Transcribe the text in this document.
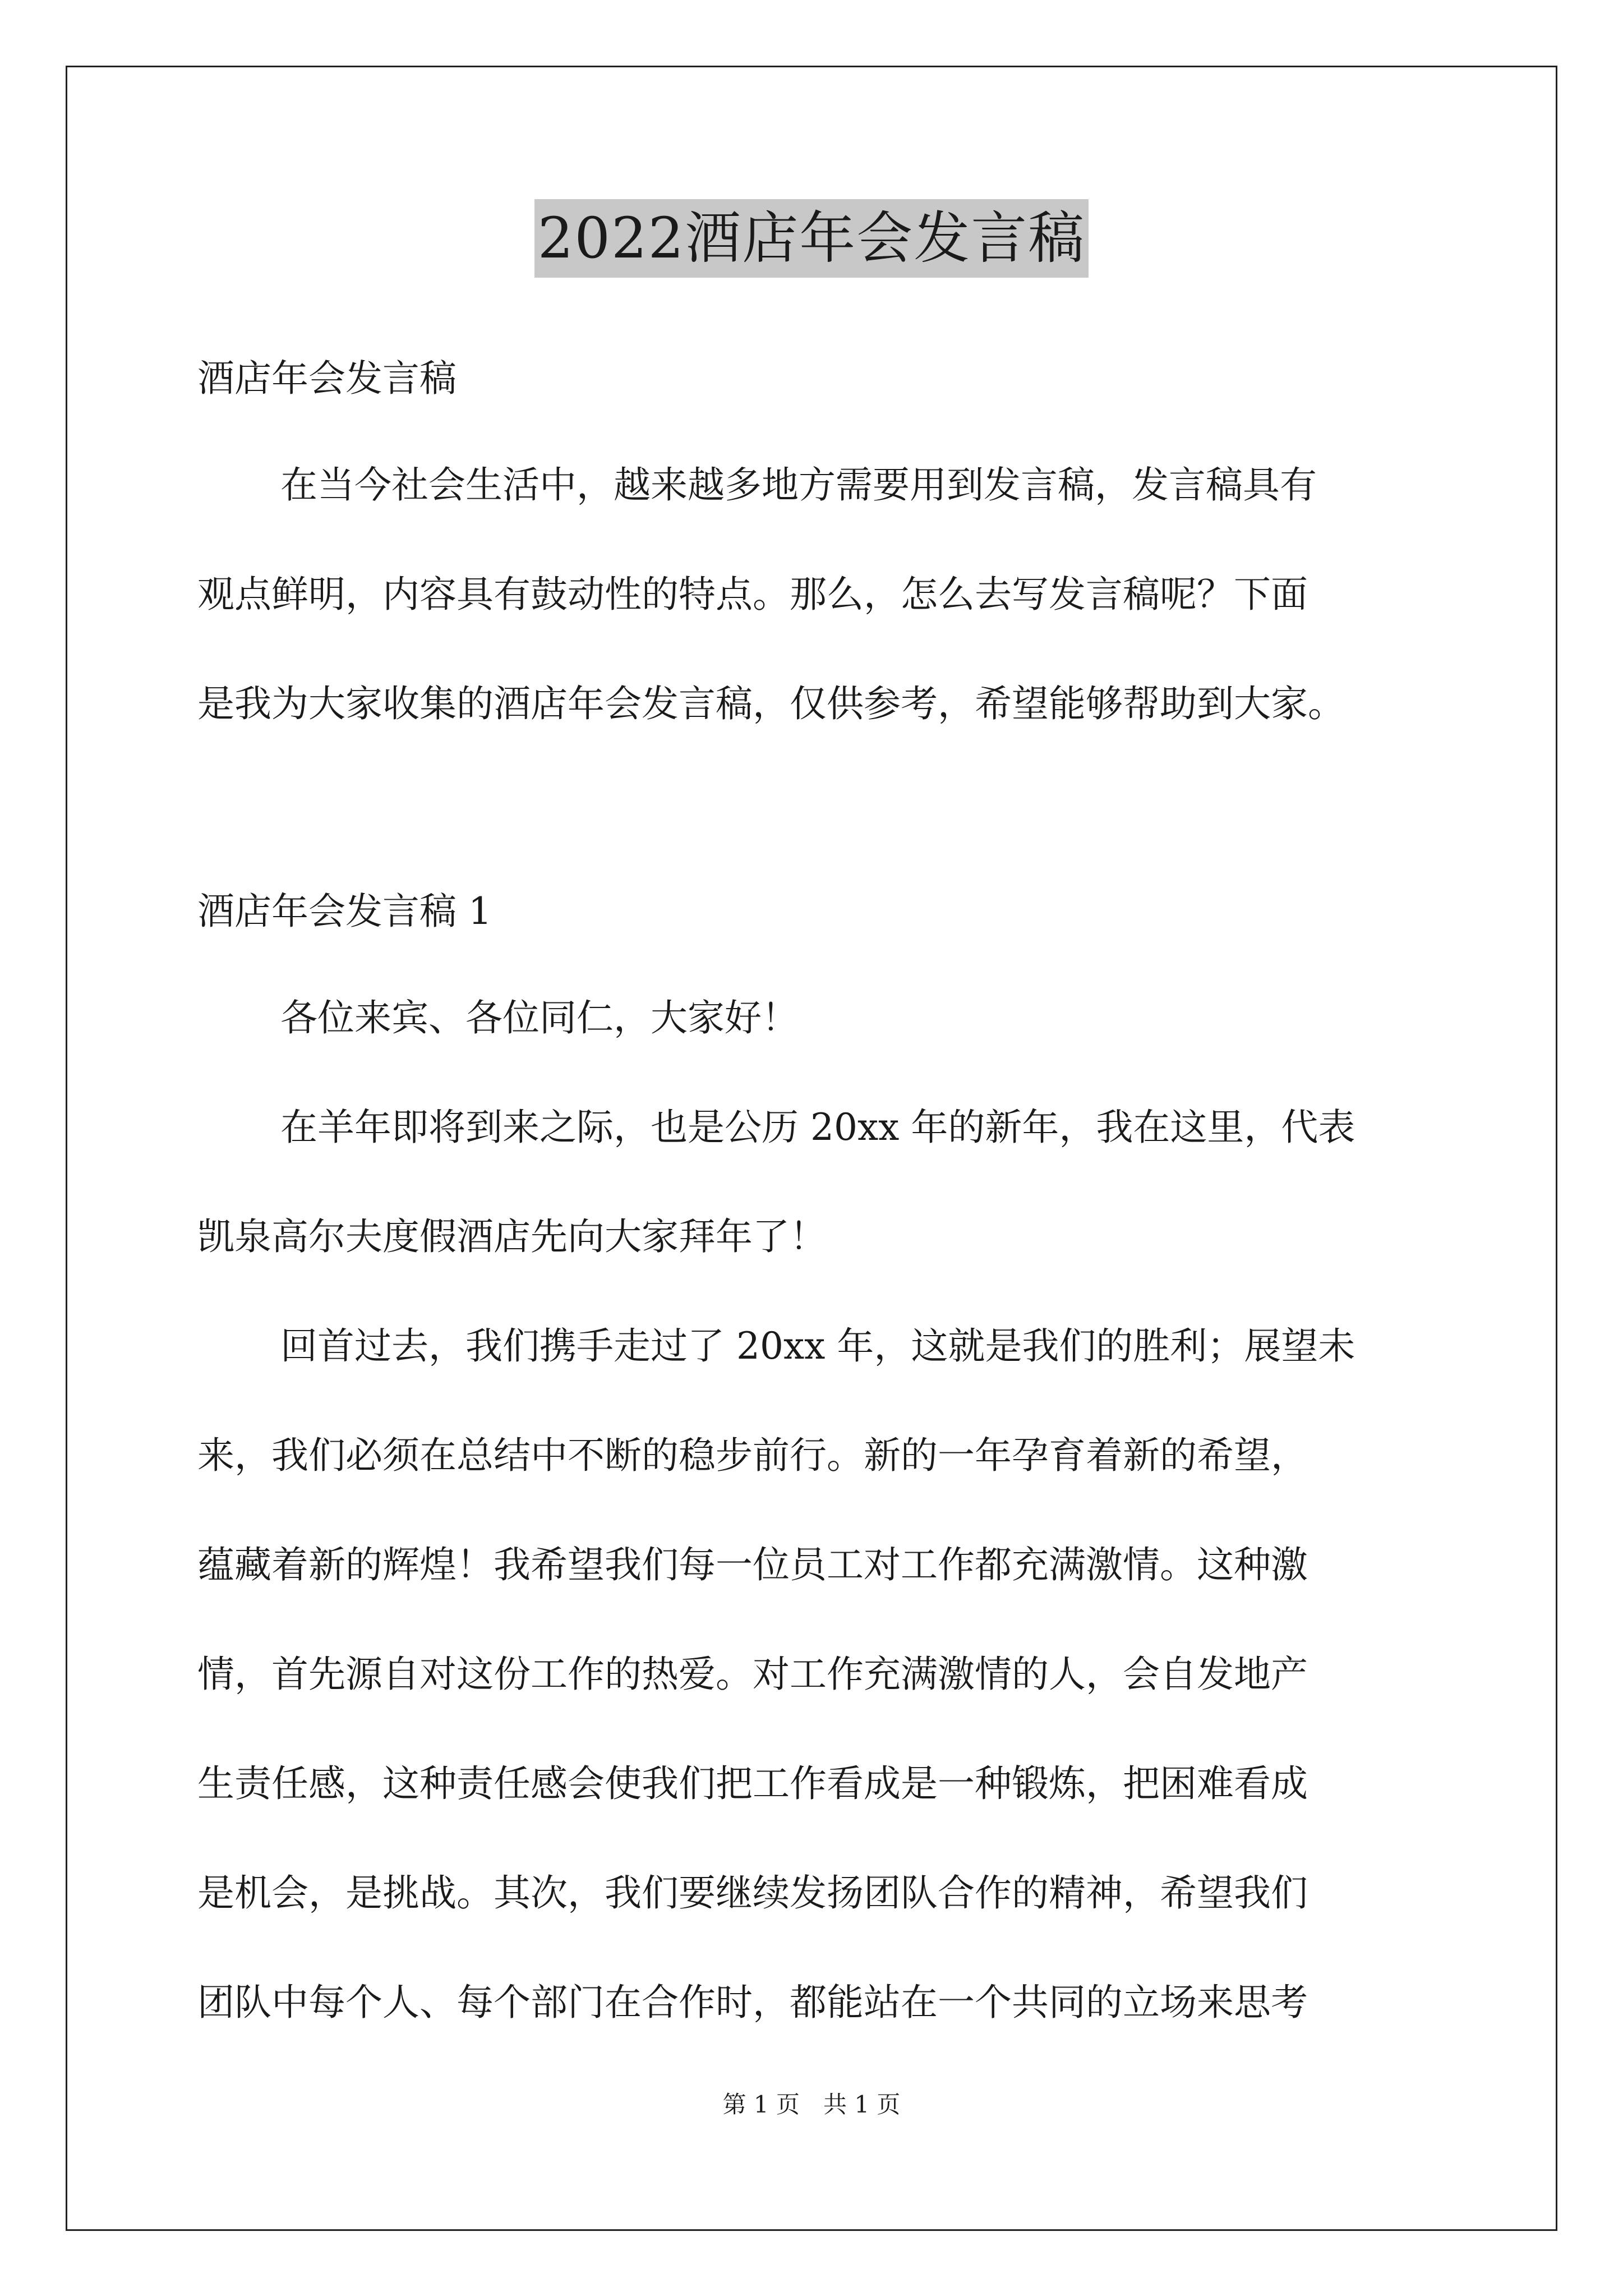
2022酒店年会发言稿
酒店年会发言稿
在当今社会生活中，越来越多地方需要用到发言稿，发言稿具有
观点鲜明，内容具有鼓动性的特点。那么，怎么去写发言稿呢？下面
是我为大家收集的酒店年会发言稿，仅供参考，希望能够帮助到大家。
酒店年会发言稿 1
各位来宾、各位同仁，大家好！
在羊年即将到来之际，也是公历 20xx 年的新年，我在这里，代表
凯泉高尔夫度假酒店先向大家拜年了！
回首过去，我们携手走过了 20xx 年，这就是我们的胜利；展望未
来，我们必须在总结中不断的稳步前行。新的一年孕育着新的希望，
蕴藏着新的辉煌！我希望我们每一位员工对工作都充满激情。这种激
情，首先源自对这份工作的热爱。对工作充满激情的人，会自发地产
生责任感，这种责任感会使我们把工作看成是一种锻炼，把困难看成
是机会，是挑战。其次，我们要继续发扬团队合作的精神，希望我们
团队中每个人、每个部门在合作时，都能站在一个共同的立场来思考
第 1 页　共 1 页
